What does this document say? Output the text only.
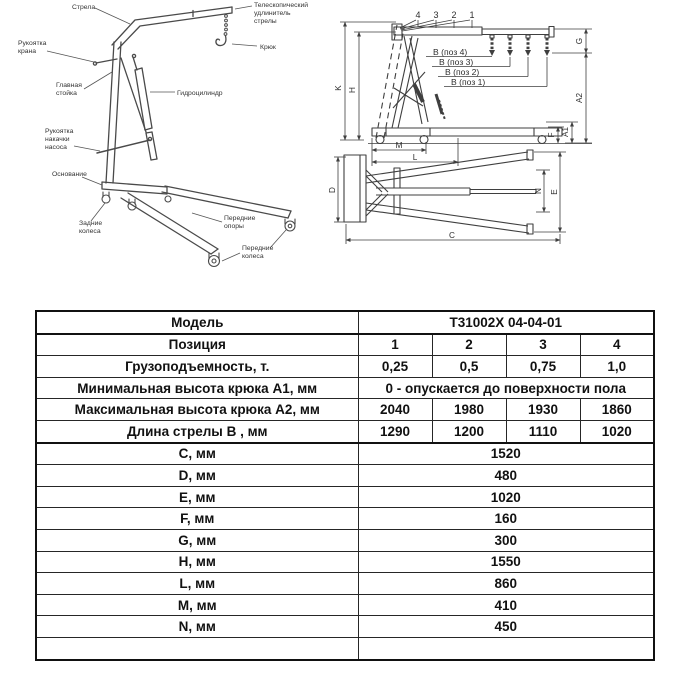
Стрела	Телескопический
удлинитель
стрелы
Рукоятка
крана
Крюк
Главная
стойка	Гидроцилиндр
Рукоятка
накачки
насоса
Основание
Задние
колеса
Передние
опоры
Передние
колеса
4 3 2 1
B (поз 4)
B (поз 3)
B (поз 2)
B (поз 1)
K H
G
A2
A1
F
M
L
D	N E
C
Модель	T31002X 04-04-01			
Позиция	1	2	3	4
Грузоподъемность, т.	0,25	0,5	0,75	1,0
Минимальная высота крюка А1, мм	0 - опускается до поверхности пола			
Максимальная высота крюка А2, мм	2040	1980	1930	1860
Длина стрелы В , мм	1290	1200	1110	1020
C, мм	1520			
D, мм	480			
E, мм	1020			
F, мм	160			
G, мм	300			
H, мм	1550			
L, мм	860			
M, мм	410			
N, мм	450			
